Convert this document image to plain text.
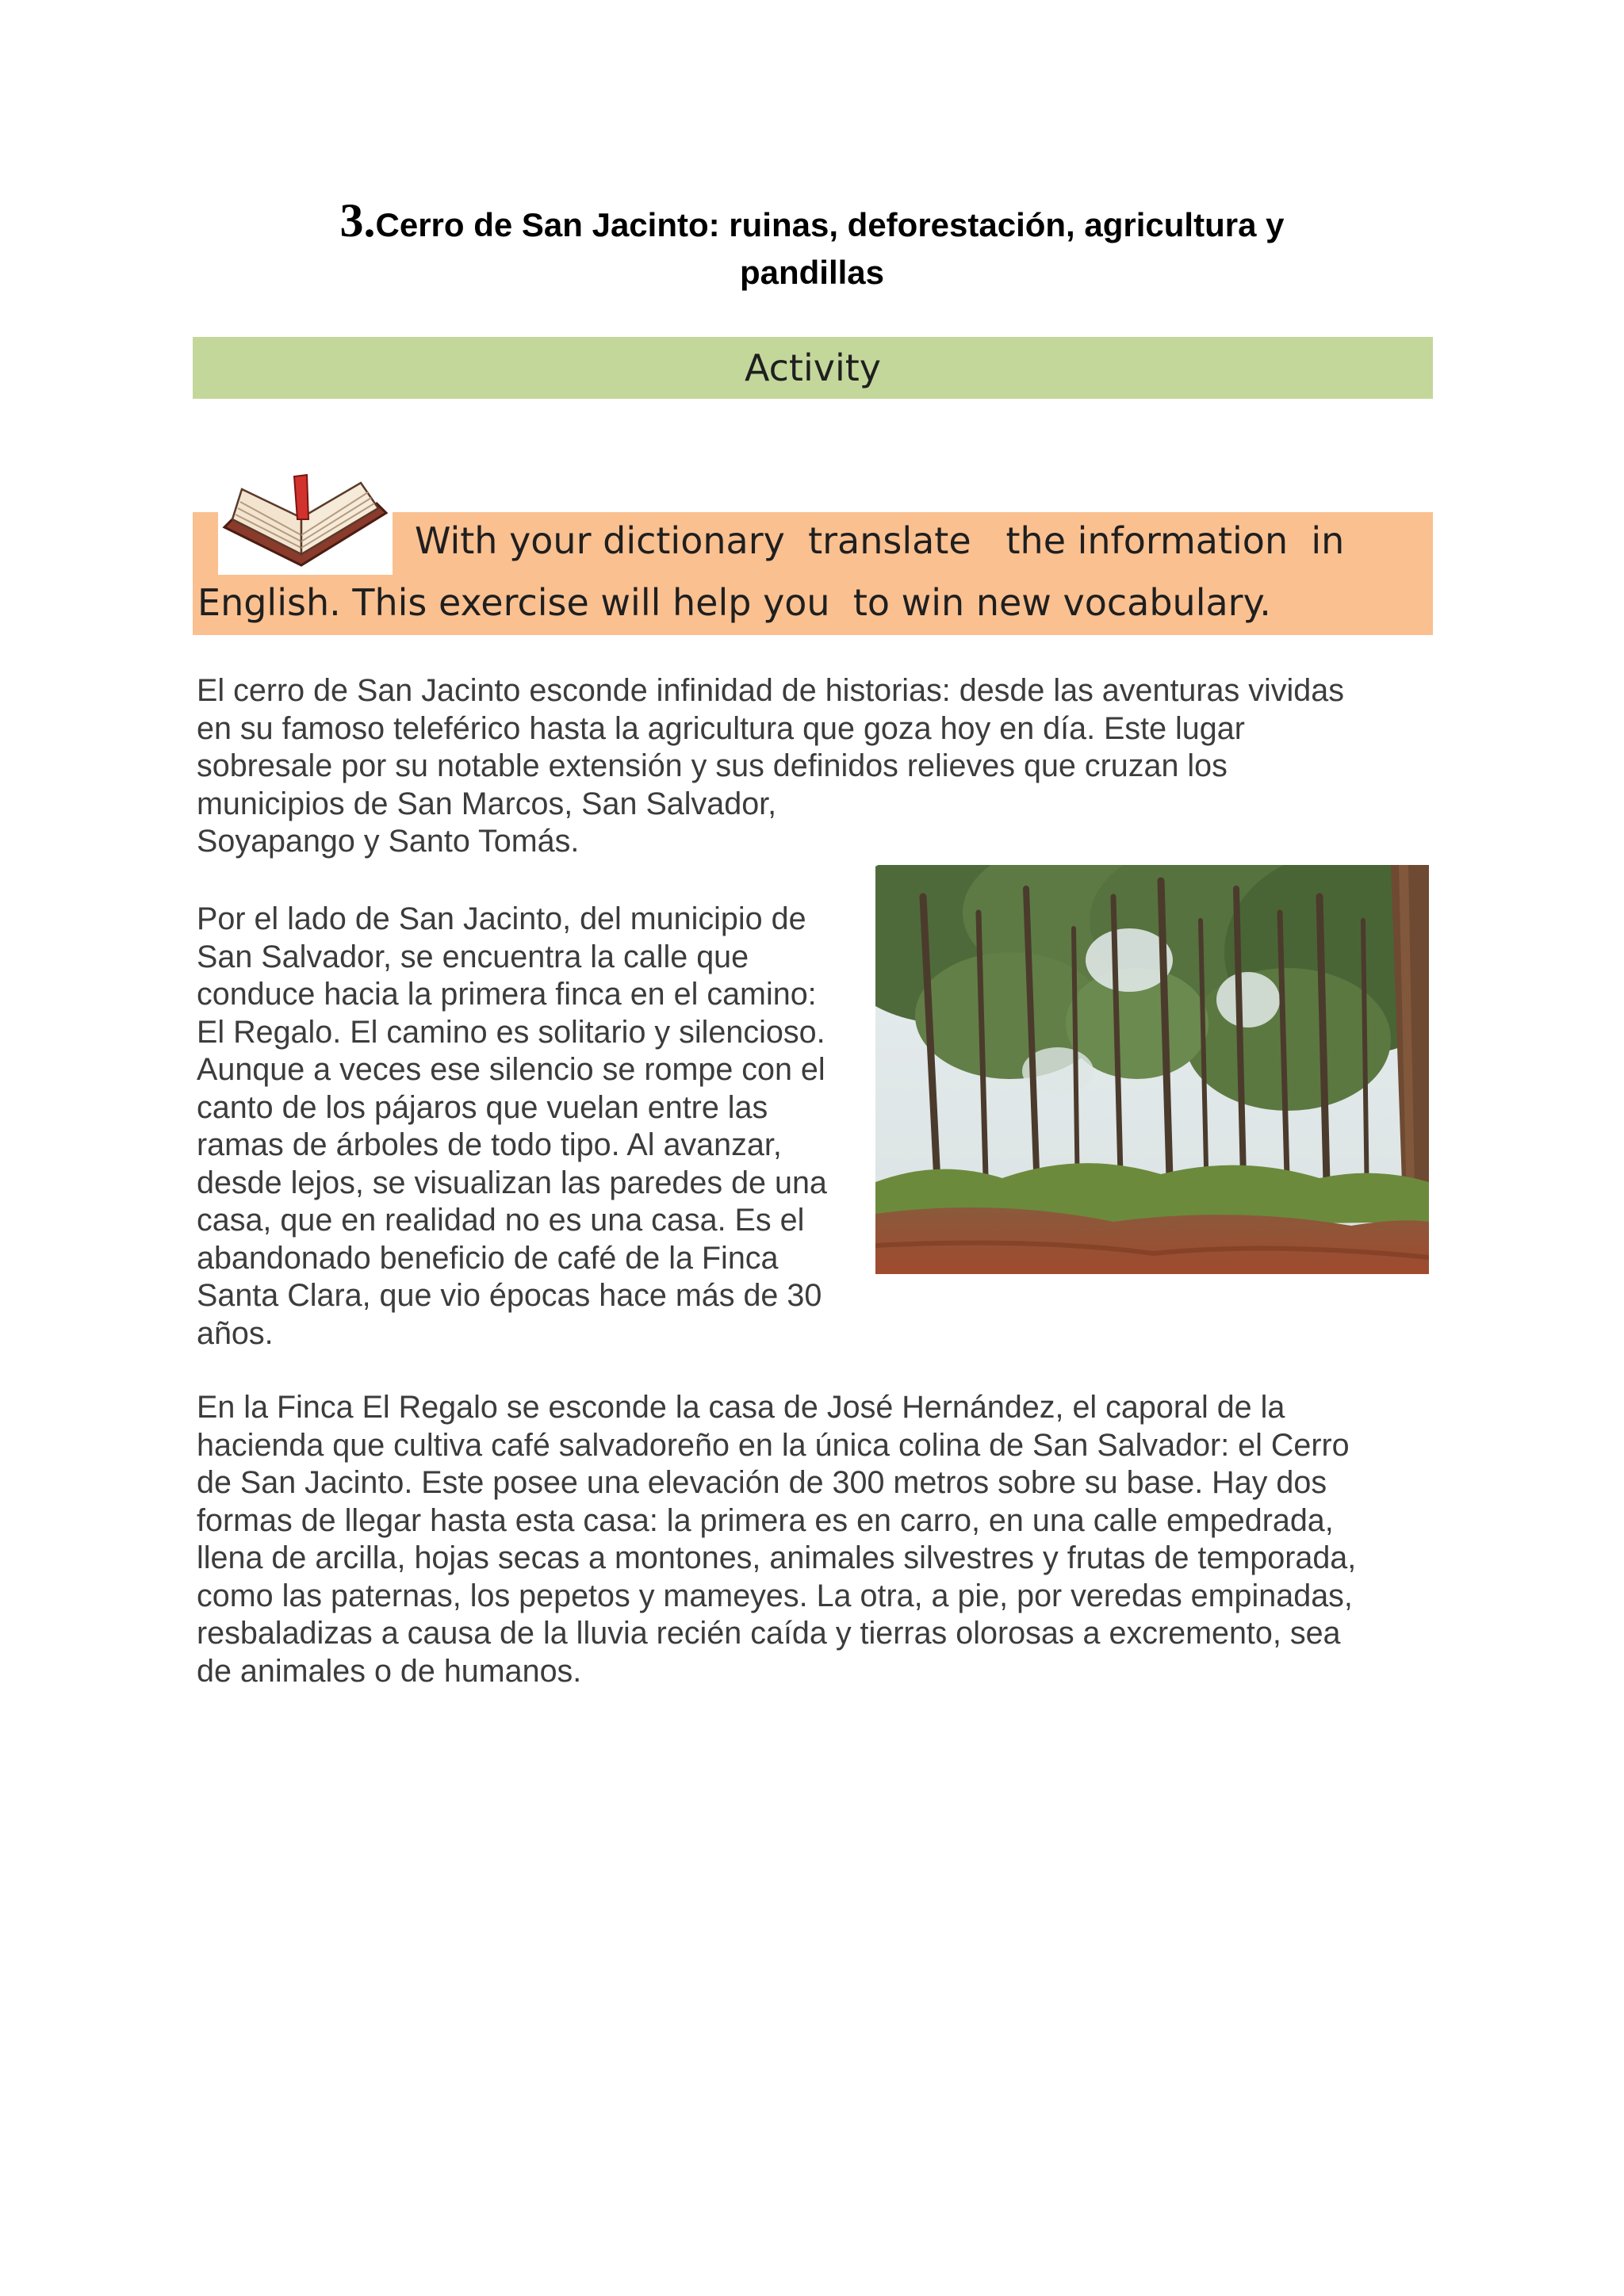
3.Cerro de San Jacinto: ruinas, deforestación, agricultura y
pandillas
Activity
With your dictionary  translate   the information  in
English. This exercise will help you  to win new vocabulary.
El cerro de San Jacinto esconde infinidad de historias: desde las aventuras vividas
en su famoso teleférico hasta la agricultura que goza hoy en día. Este lugar
sobresale por su notable extensión y sus definidos relieves que cruzan los
municipios de San Marcos, San Salvador,
Soyapango y Santo Tomás.
Por el lado de San Jacinto, del municipio de
San Salvador, se encuentra la calle que
conduce hacia la primera finca en el camino:
El Regalo. El camino es solitario y silencioso.
Aunque a veces ese silencio se rompe con el
canto de los pájaros que vuelan entre las
ramas de árboles de todo tipo. Al avanzar,
desde lejos, se visualizan las paredes de una
casa, que en realidad no es una casa. Es el
abandonado beneficio de café de la Finca
Santa Clara, que vio épocas hace más de 30
años.
En la Finca El Regalo se esconde la casa de José Hernández, el caporal de la
hacienda que cultiva café salvadoreño en la única colina de San Salvador: el Cerro
de San Jacinto. Este posee una elevación de 300 metros sobre su base. Hay dos
formas de llegar hasta esta casa: la primera es en carro, en una calle empedrada,
llena de arcilla, hojas secas a montones, animales silvestres y frutas de temporada,
como las paternas, los pepetos y mameyes. La otra, a pie, por veredas empinadas,
resbaladizas a causa de la lluvia recién caída y tierras olorosas a excremento, sea
de animales o de humanos.
